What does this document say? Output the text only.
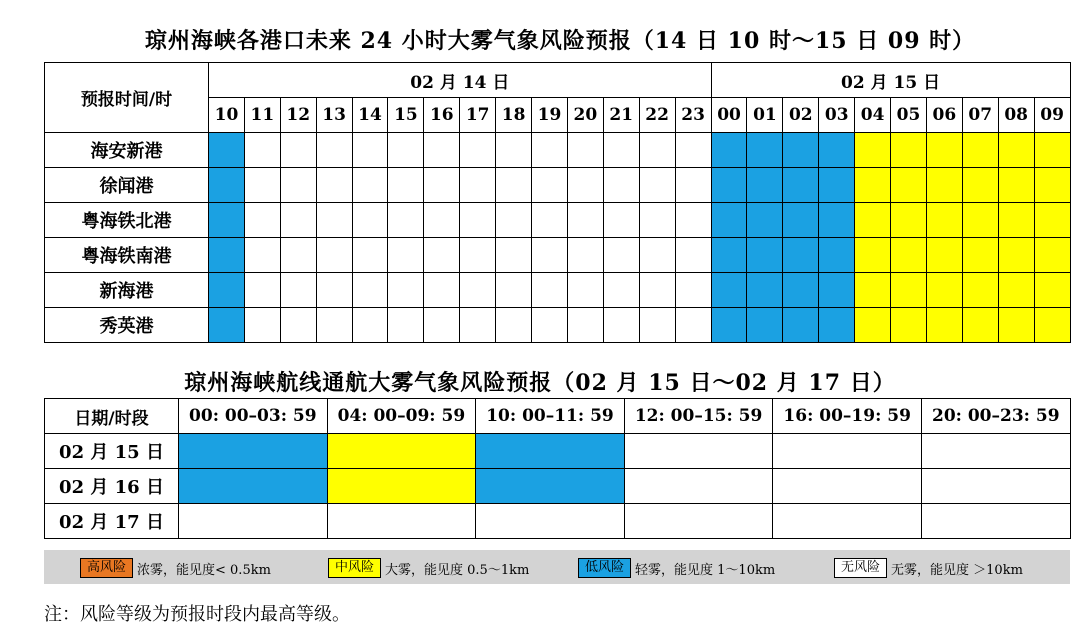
琼州海峡各港口未来 24 小时大雾气象风险预报（14 日 10 时～15 日 09 时）
预报时间/时	02 月 14 日														02 月 15 日									
	10	11	12	13	14	15	16	17	18	19	20	21	22	23	00	01	02	03	04	05	06	07	08	09
海安新港																								
徐闻港																								
粤海铁北港																								
粤海铁南港																								
新海港																								
秀英港																								
琼州海峡航线通航大雾气象风险预报（02 月 15 日～02 月 17 日）
日期/时段	00: 00–03: 59	04: 00–09: 59	10: 00–11: 59	12: 00–15: 59	16: 00–19: 59	20: 00–23: 59
02 月 15 日						
02 月 16 日						
02 月 17 日						
高风险 浓雾，能见度< 0.5km	中风险 大雾，能见度 0.5～1km	低风险 轻雾，能见度 1～10km	无风险 无雾，能见度 ＞10km
注：风险等级为预报时段内最高等级。
